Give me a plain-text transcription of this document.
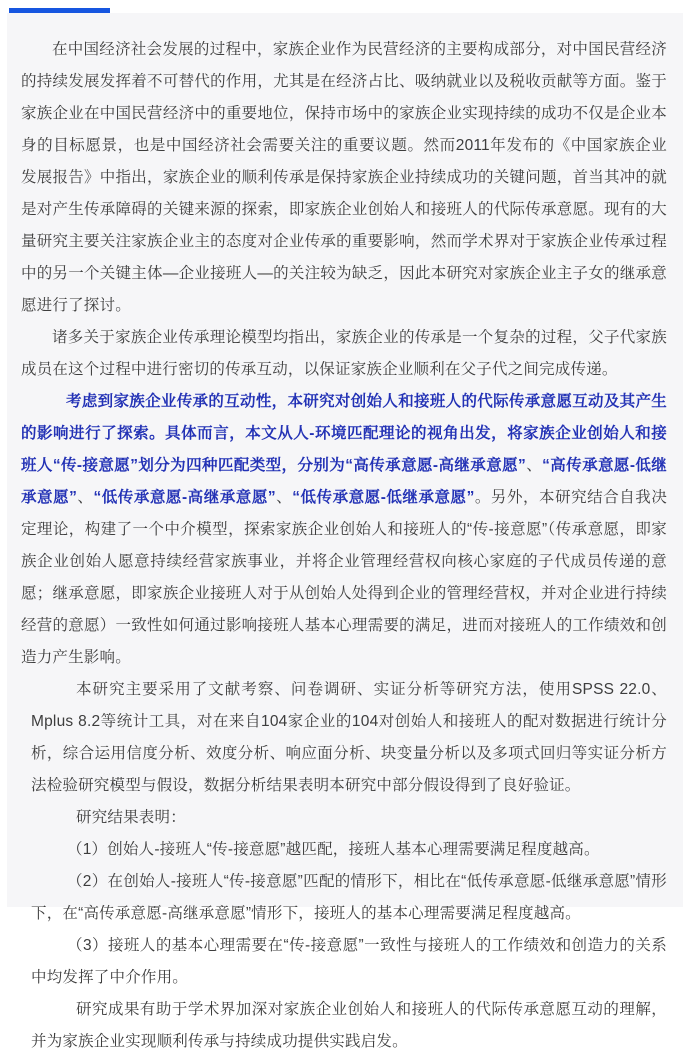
在中国经济社会发展的过程中，家族企业作为民营经济的主要构成部分，对中国民营经济的持续发展发挥着不可替代的作用，尤其是在经济占比、吸纳就业以及税收贡献等方面。鉴于家族企业在中国民营经济中的重要地位，保持市场中的家族企业实现持续的成功不仅是企业本身的目标愿景，也是中国经济社会需要关注的重要议题。然而2011年发布的《中国家族企业发展报告》中指出，家族企业的顺利传承是保持家族企业持续成功的关键问题，首当其冲的就是对产生传承障碍的关键来源的探索，即家族企业创始人和接班人的代际传承意愿。现有的大量研究主要关注家族企业主的态度对企业传承的重要影响，然而学术界对于家族企业传承过程中的另一个关键主体—企业接班人—的关注较为缺乏，因此本研究对家族企业主子女的继承意愿进行了探讨。

诸多关于家族企业传承理论模型均指出，家族企业的传承是一个复杂的过程，父子代家族成员在这个过程中进行密切的传承互动，以保证家族企业顺利在父子代之间完成传递。

考虑到家族企业传承的互动性，本研究对创始人和接班人的代际传承意愿互动及其产生的影响进行了探索。具体而言，本文从人-环境匹配理论的视角出发，将家族企业创始人和接班人“传-接意愿”划分为四种匹配类型，分别为“高传承意愿-高继承意愿”、“高传承意愿-低继承意愿”、“低传承意愿-高继承意愿”、“低传承意愿-低继承意愿”。另外，本研究结合自我决定理论，构建了一个中介模型，探索家族企业创始人和接班人的“传-接意愿”（传承意愿，即家族企业创始人愿意持续经营家族事业，并将企业管理经营权向核心家庭的子代成员传递的意愿；继承意愿，即家族企业接班人对于从创始人处得到企业的管理经营权，并对企业进行持续经营的意愿）一致性如何通过影响接班人基本心理需要的满足，进而对接班人的工作绩效和创造力产生影响。

本研究主要采用了文献考察、问卷调研、实证分析等研究方法，使用SPSS 22.0、Mplus 8.2等统计工具，对在来自104家企业的104对创始人和接班人的配对数据进行统计分析，综合运用信度分析、效度分析、响应面分析、块变量分析以及多项式回归等实证分析方法检验研究模型与假设，数据分析结果表明本研究中部分假设得到了良好验证。

研究结果表明：

（1）创始人-接班人“传-接意愿”越匹配，接班人基本心理需要满足程度越高。

（2）在创始人-接班人“传-接意愿”匹配的情形下，相比在“低传承意愿-低继承意愿”情形下，在“高传承意愿-高继承意愿”情形下，接班人的基本心理需要满足程度越高。

（3）接班人的基本心理需要在“传-接意愿”一致性与接班人的工作绩效和创造力的关系中均发挥了中介作用。

研究成果有助于学术界加深对家族企业创始人和接班人的代际传承意愿互动的理解，并为家族企业实现顺利传承与持续成功提供实践启发。
